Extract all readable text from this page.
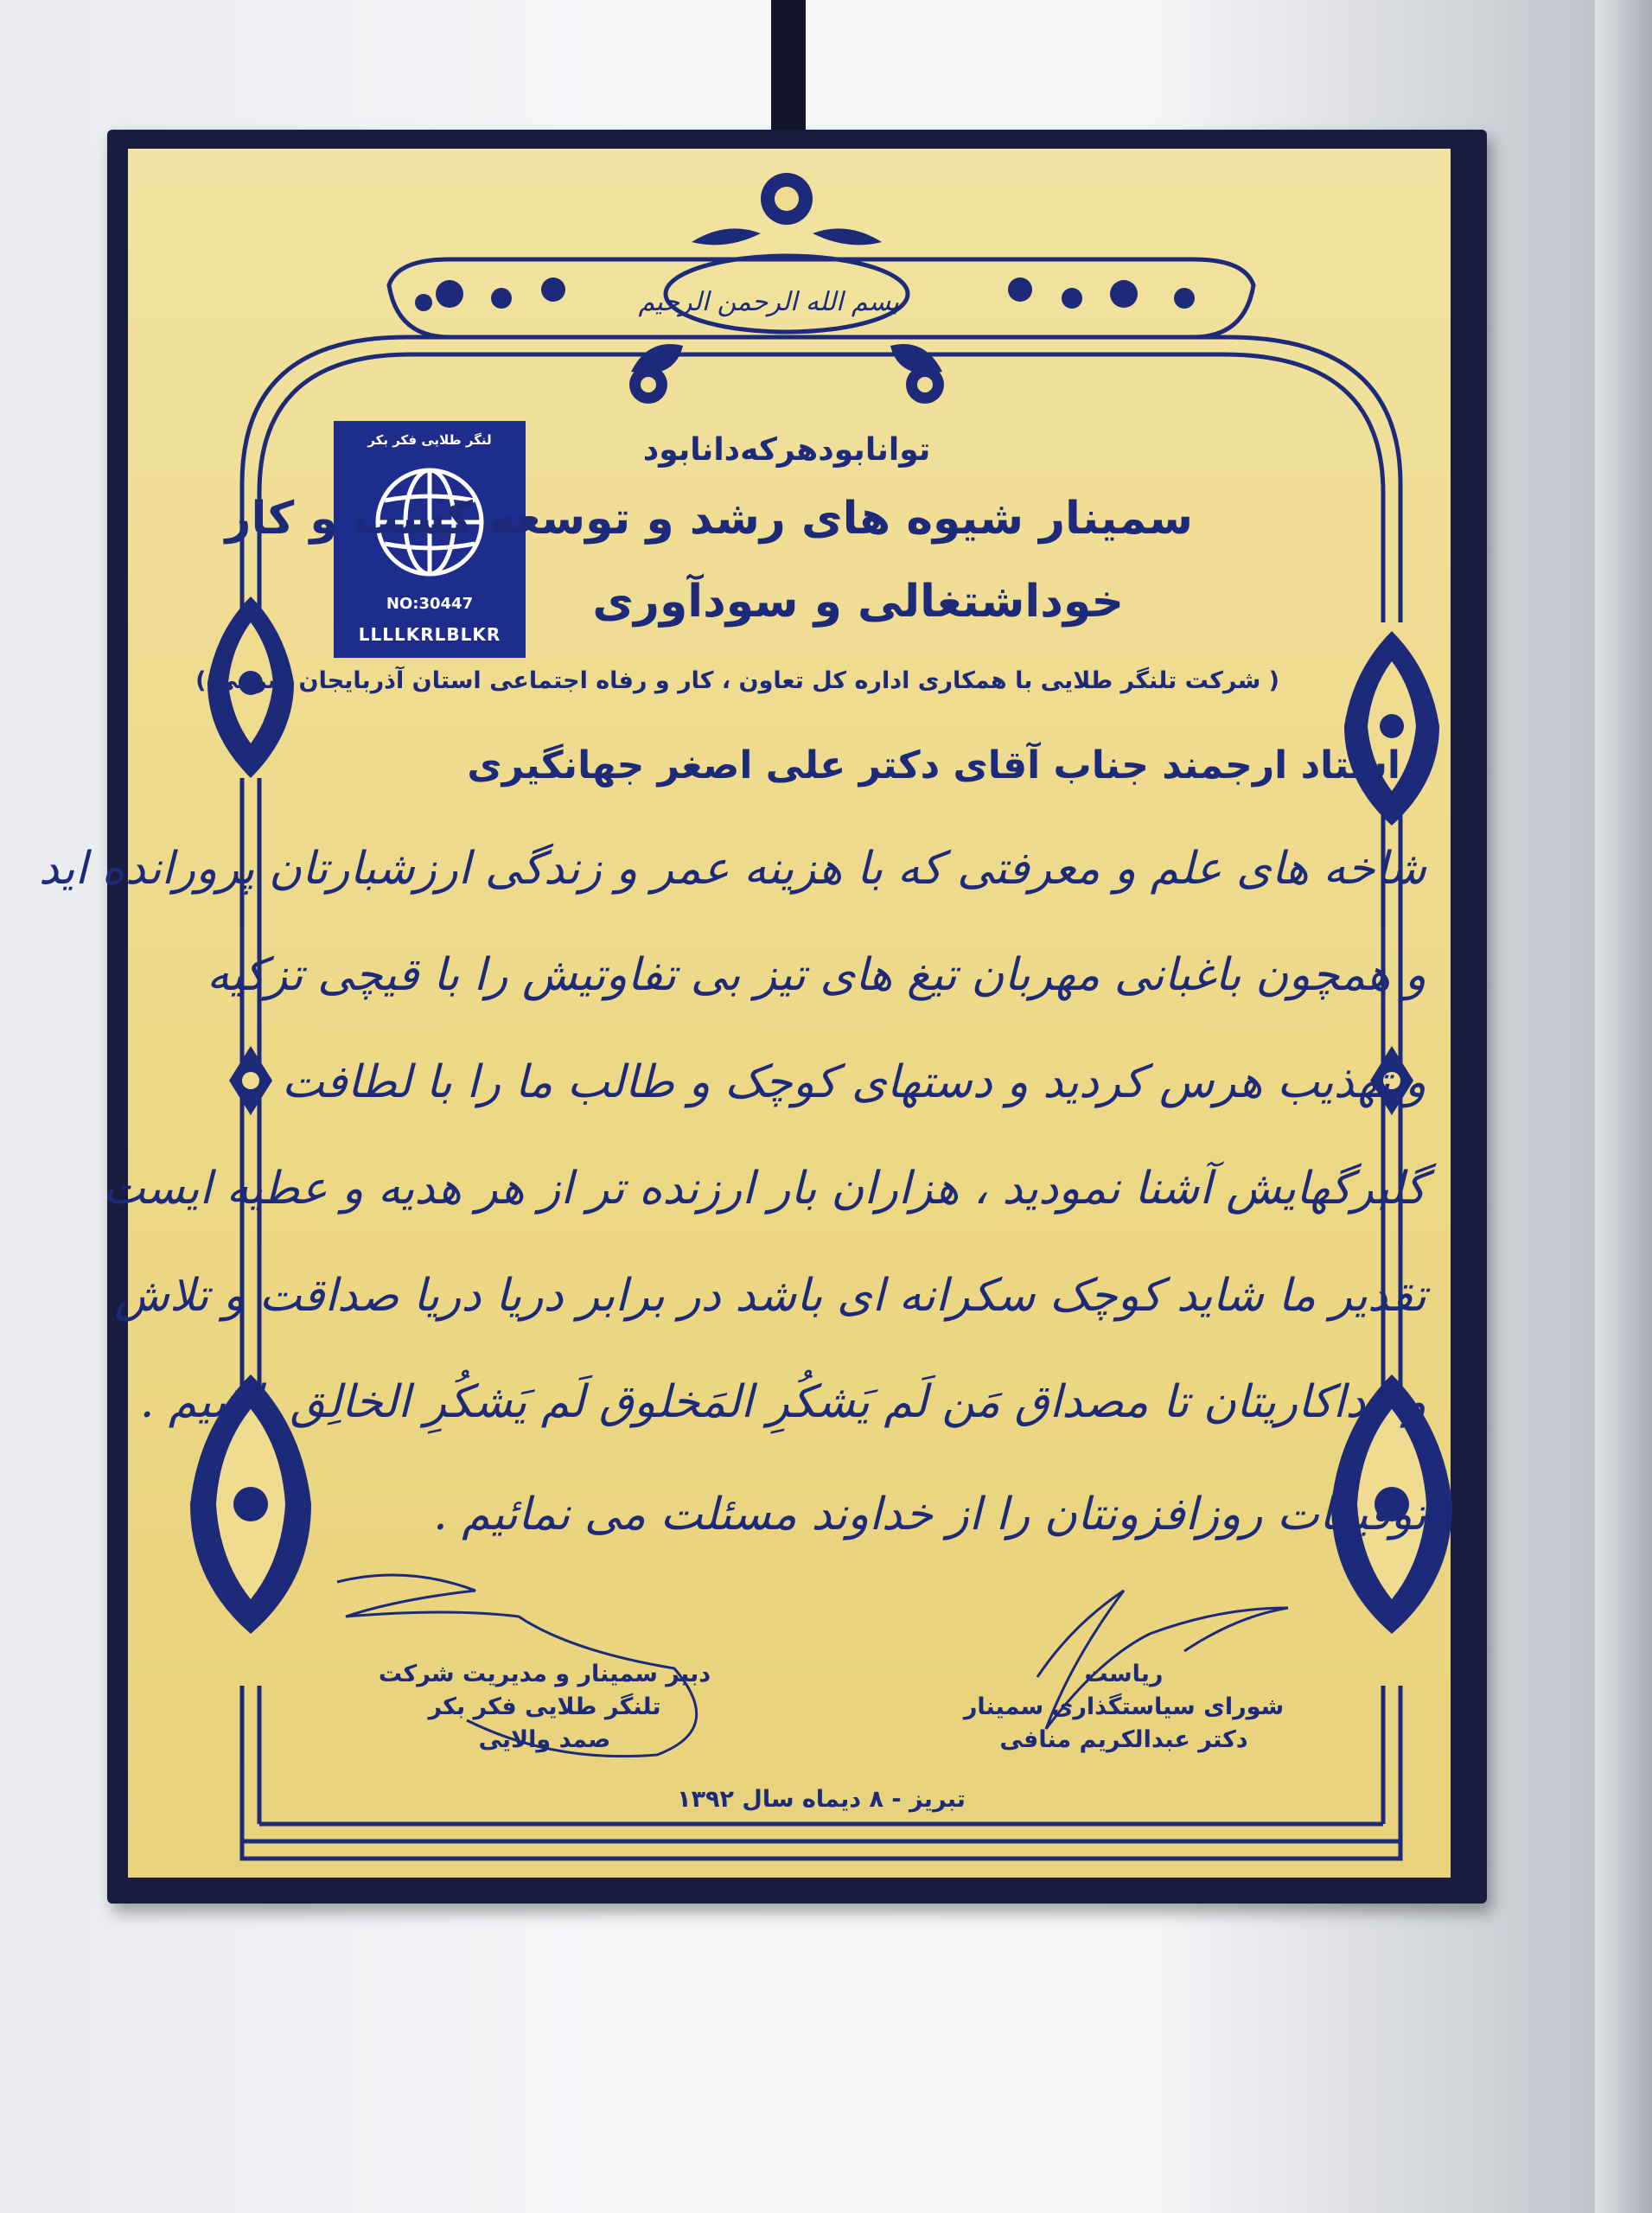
لنگر طلایی فکر بکر
NO:30447
LLLLKRLBLKR
بسم الله الرحمن الرحیم
توانابودهرکه‌دانابود
سمینار شیوه های رشد و توسعه کسب و کار
خوداشتغالی و سودآوری
( شرکت تلنگر طلایی با همکاری اداره کل تعاون ، کار و رفاه اجتماعی استان آذربایجان شرقی )
استاد ارجمند جناب آقای دکتر علی اصغر جهانگیری
شاخه های علم و معرفتی که با هزینه عمر و زندگی ارزشبارتان پرورانده اید
و همچون باغبانی مهربان تیغ های تیز بی تفاوتیش را با قیچی تزکیه
و تهذیب هرس کردید و دستهای کوچک و طالب ما را با لطافت
گلبرگهایش آشنا نمودید ، هزاران بار ارزنده تر از هر هدیه و عطیه ایست
تقدیر ما شاید کوچک سکرانه ای باشد در برابر دریا دریا صداقت و تلاش
و فداکاریتان تا مصداق مَن لَم یَشکُرِ المَخلوق لَم یَشکُرِ الخالِق باشیم .
توفیقات روزافزونتان را از خداوند مسئلت می نمائیم .
دبیر سمینار و مدیریت شرکت
تلنگر طلایی فکر بکر
صمد والایی
ریاست
شورای سیاستگذاری سمینار
دکتر عبدالکریم منافی
تبریز - ۸ دیماه سال ۱۳۹۲
